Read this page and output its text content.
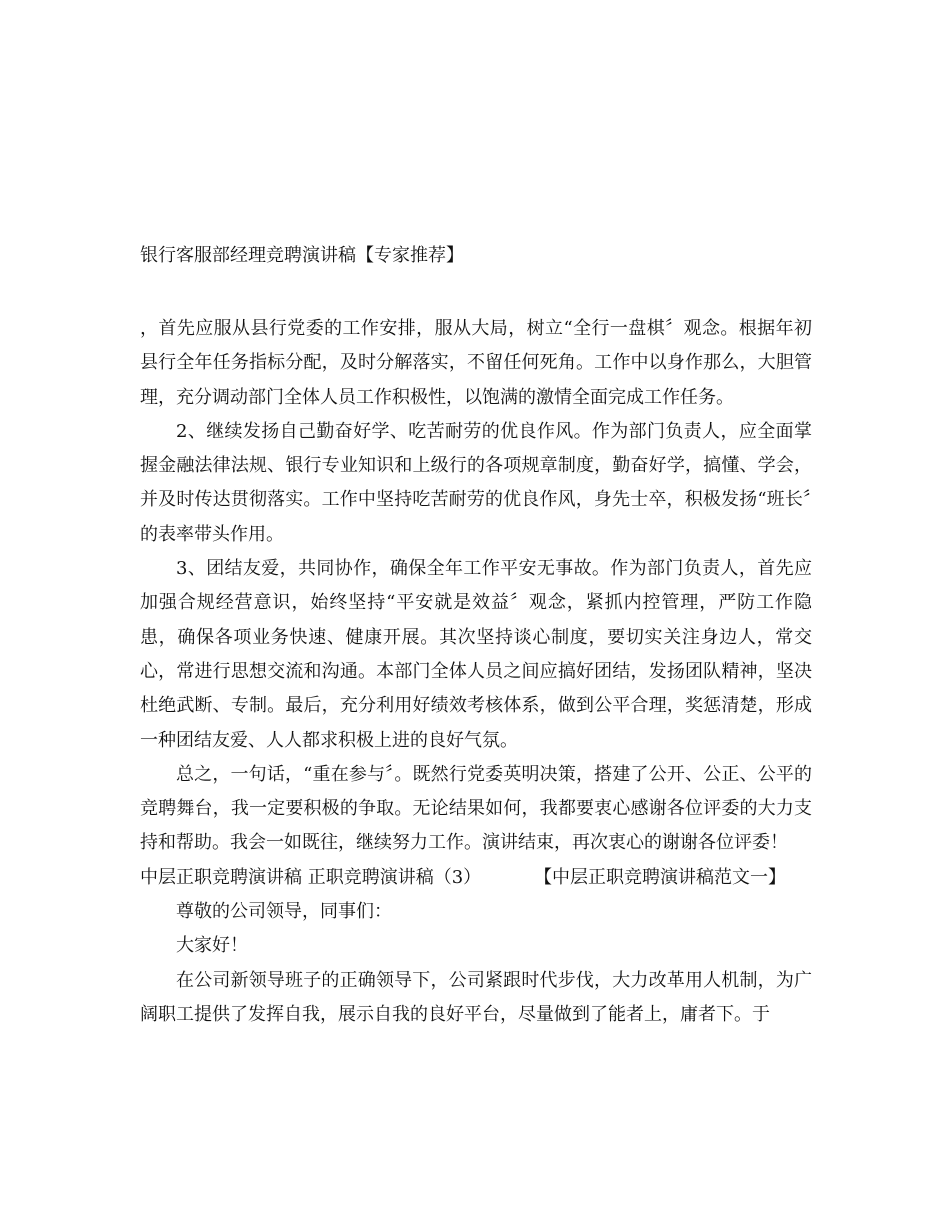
银行客服部经理竞聘演讲稿【专家推荐】

，首先应服从县行党委的工作安排，服从大局，树立“全行一盘棋〞观念。根据年初县行全年任务指标分配，及时分解落实，不留任何死角。工作中以身作那么，大胆管理，充分调动部门全体人员工作积极性，以饱满的激情全面完成工作任务。

2、继续发扬自己勤奋好学、吃苦耐劳的优良作风。作为部门负责人，应全面掌握金融法律法规、银行专业知识和上级行的各项规章制度，勤奋好学，搞懂、学会，并及时传达贯彻落实。工作中坚持吃苦耐劳的优良作风，身先士卒，积极发扬“班长〞的表率带头作用。

3、团结友爱，共同协作，确保全年工作平安无事故。作为部门负责人，首先应加强合规经营意识，始终坚持“平安就是效益〞观念，紧抓内控管理，严防工作隐患，确保各项业务快速、健康开展。其次坚持谈心制度，要切实关注身边人，常交心，常进行思想交流和沟通。本部门全体人员之间应搞好团结，发扬团队精神，坚决杜绝武断、专制。最后，充分利用好绩效考核体系，做到公平合理，奖惩清楚，形成一种团结友爱、人人都求积极上进的良好气氛。

总之，一句话，“重在参与〞。既然行党委英明决策，搭建了公开、公正、公平的竞聘舞台，我一定要积极的争取。无论结果如何，我都要衷心感谢各位评委的大力支持和帮助。我会一如既往，继续努力工作。演讲结束，再次衷心的谢谢各位评委！

中层正职竞聘演讲稿 正职竞聘演讲稿（3）	【中层正职竞聘演讲稿范文一】

尊敬的公司领导，同事们：

大家好！

在公司新领导班子的正确领导下，公司紧跟时代步伐，大力改革用人机制，为广阔职工提供了发挥自我，展示自我的良好平台，尽量做到了能者上，庸者下。于
